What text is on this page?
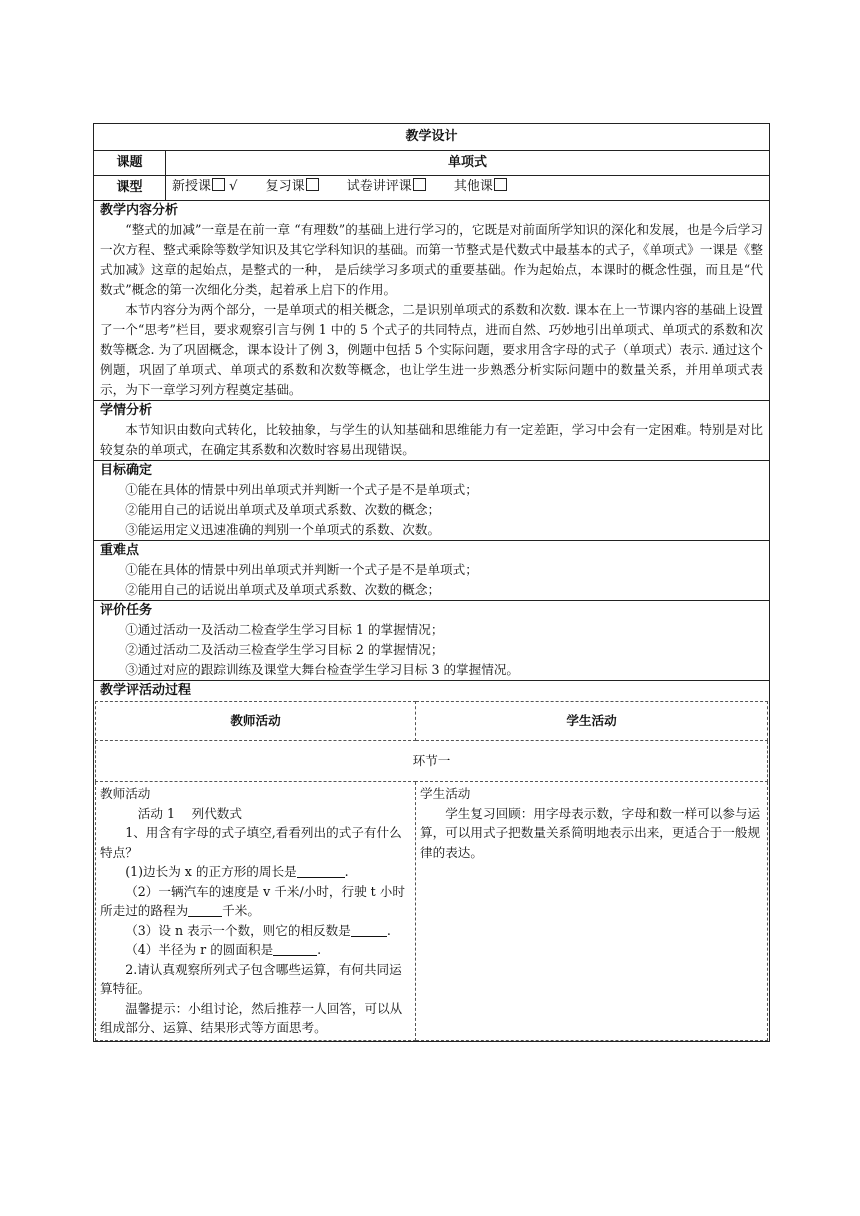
教学设计
课题	单项式
课型	新授课 √ 复习课	试卷讲评课	其他课

教学内容分析

“整式的加减”一章是在前一章 “有理数”的基础上进行学习的，它既是对前面所学知识的深化和发展，也是今后学习一次方程、整式乘除等数学知识及其它学科知识的基础。而第一节整式是代数式中最基本的式子，《单项式》一课是《整式加减》这章的起始点，是整式的一种， 是后续学习多项式的重要基础。作为起始点，本课时的概念性强，而且是“代数式”概念的第一次细化分类，起着承上启下的作用。

本节内容分为两个部分，一是单项式的相关概念，二是识别单项式的系数和次数. 课本在上一节课内容的基础上设置了一个“思考”栏目，要求观察引言与例 1 中的 5 个式子的共同特点，进而自然、巧妙地引出单项式、单项式的系数和次数等概念. 为了巩固概念，课本设计了例 3，例题中包括 5 个实际问题，要求用含字母的式子（单项式）表示. 通过这个例题，巩固了单项式、单项式的系数和次数等概念，也让学生进一步熟悉分析实际问题中的数量关系，并用单项式表示，为下一章学习列方程奠定基础。

学情分析

本节知识由数向式转化，比较抽象，与学生的认知基础和思维能力有一定差距，学习中会有一定困难。特别是对比较复杂的单项式，在确定其系数和次数时容易出现错误。

目标确定

①能在具体的情景中列出单项式并判断一个式子是不是单项式；

②能用自己的话说出单项式及单项式系数、次数的概念；

③能运用定义迅速准确的判别一个单项式的系数、次数。

重难点

①能在具体的情景中列出单项式并判断一个式子是不是单项式；

②能用自己的话说出单项式及单项式系数、次数的概念；

评价任务

①通过活动一及活动二检查学生学习目标 1 的掌握情况；

②通过活动二及活动三检查学生学习目标 2 的掌握情况；

③通过对应的跟踪训练及课堂大舞台检查学生学习目标 3 的掌握情况。

教学评活动过程
教师活动	学生活动
环节一

教师活动

活动 1　 列代数式

1、用含有字母的式子填空,看看列出的式子有什么特点？

(1)边长为 x 的正方形的周长是	.

（2）一辆汽车的速度是 v 千米/小时，行驶 t 小时所走过的路程为	千米。

（3）设 n 表示一个数，则它的相反数是	.

（4）半径为 r 的圆面积是	.

2.请认真观察所列式子包含哪些运算，有何共同运算特征。

温馨提示：小组讨论，然后推荐一人回答，可以从组成部分、运算、结果形式等方面思考。

学生活动

学生复习回顾：用字母表示数，字母和数一样可以参与运算，可以用式子把数量关系简明地表示出来，更适合于一般规律的表达。
